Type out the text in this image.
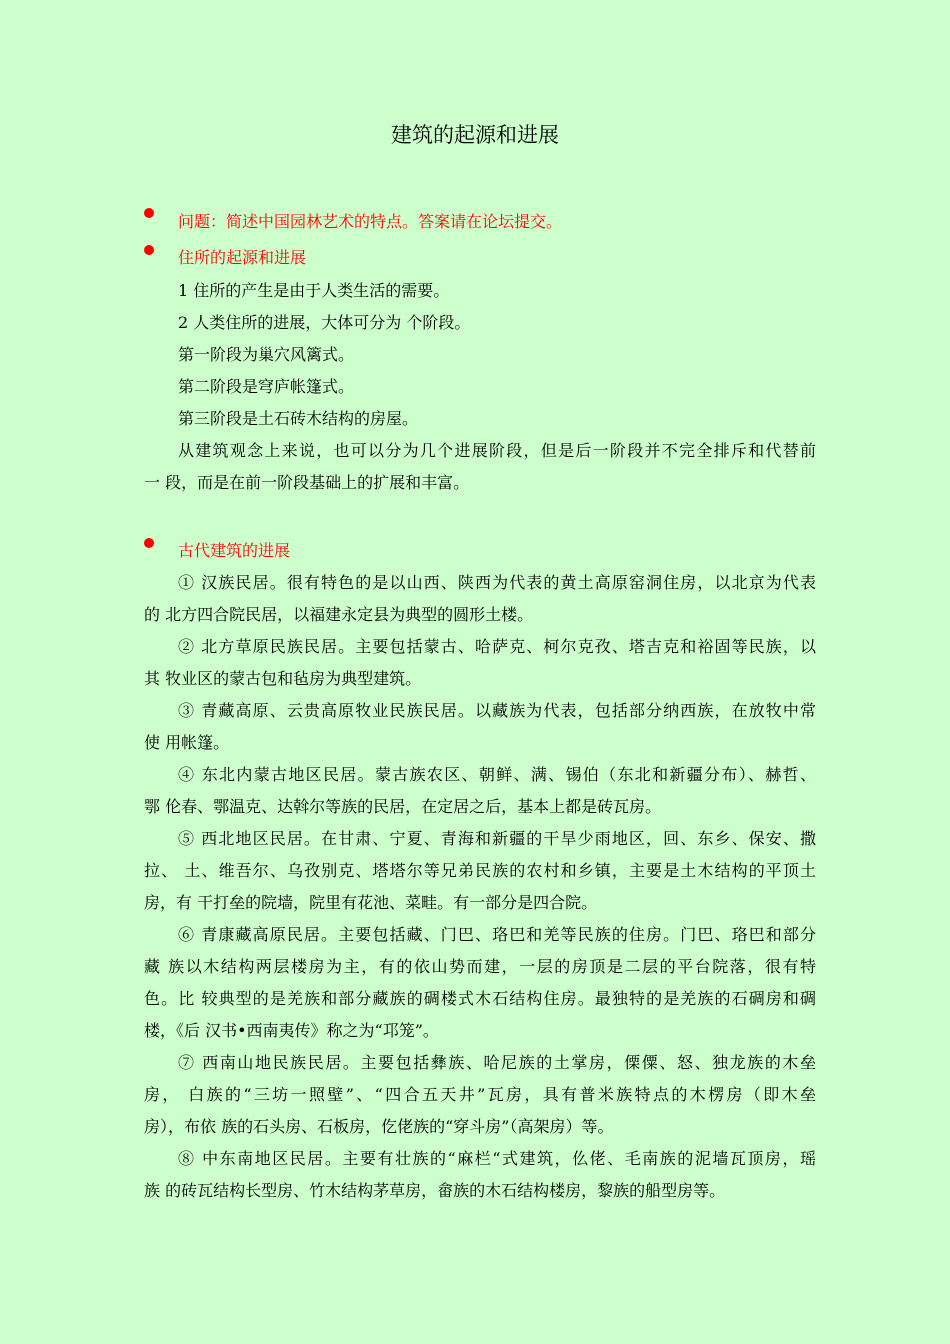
建筑的起源和进展
问题：简述中国园林艺术的特点。答案请在论坛提交。
住所的起源和进展
1 住所的产生是由于人类生活的需要。
2 人类住所的进展，大体可分为 个阶段。
第一阶段为巢穴风篱式。
第二阶段是穹庐帐篷式。
第三阶段是土石砖木结构的房屋。
从建筑观念上来说，也可以分为几个进展阶段，但是后一阶段并不完全排斥和代替前
一 段，而是在前一阶段基础上的扩展和丰富。
古代建筑的进展
① 汉族民居。很有特色的是以山西、陕西为代表的黄土高原窑洞住房，以北京为代表
的 北方四合院民居，以福建永定县为典型的圆形土楼。
② 北方草原民族民居。主要包括蒙古、哈萨克、柯尔克孜、塔吉克和裕固等民族，以
其 牧业区的蒙古包和毡房为典型建筑。
③ 青藏高原、云贵高原牧业民族民居。以藏族为代表，包括部分纳西族，在放牧中常
使 用帐篷。
④ 东北内蒙古地区民居。蒙古族农区、朝鲜、满、锡伯（东北和新疆分布）、赫哲、
鄂 伦春、鄂温克、达斡尔等族的民居，在定居之后，基本上都是砖瓦房。
⑤ 西北地区民居。在甘肃、宁夏、青海和新疆的干旱少雨地区，回、东乡、保安、撒
拉、 土、维吾尔、乌孜别克、塔塔尔等兄弟民族的农村和乡镇，主要是土木结构的平顶土
房，有 干打垒的院墙，院里有花池、菜畦。有一部分是四合院。
⑥ 青康藏高原民居。主要包括藏、门巴、珞巴和羌等民族的住房。门巴、珞巴和部分
藏 族以木结构两层楼房为主，有的依山势而建，一层的房顶是二层的平台院落，很有特
色。比 较典型的是羌族和部分藏族的碉楼式木石结构住房。最独特的是羌族的石碉房和碉
楼，《后 汉书•西南夷传》称之为“邛笼”。
⑦ 西南山地民族民居。主要包括彝族、哈尼族的土掌房，傈僳、怒、独龙族的木垒
房， 白族的“三坊一照壁”、“四合五天井”瓦房，具有普米族特点的木楞房（即木垒
房），布依 族的石头房、石板房，仡佬族的“穿斗房”（高架房）等。
⑧ 中东南地区民居。主要有壮族的“麻栏“式建筑，仫佬、毛南族的泥墙瓦顶房，瑶
族 的砖瓦结构长型房、竹木结构茅草房，畲族的木石结构楼房，黎族的船型房等。
